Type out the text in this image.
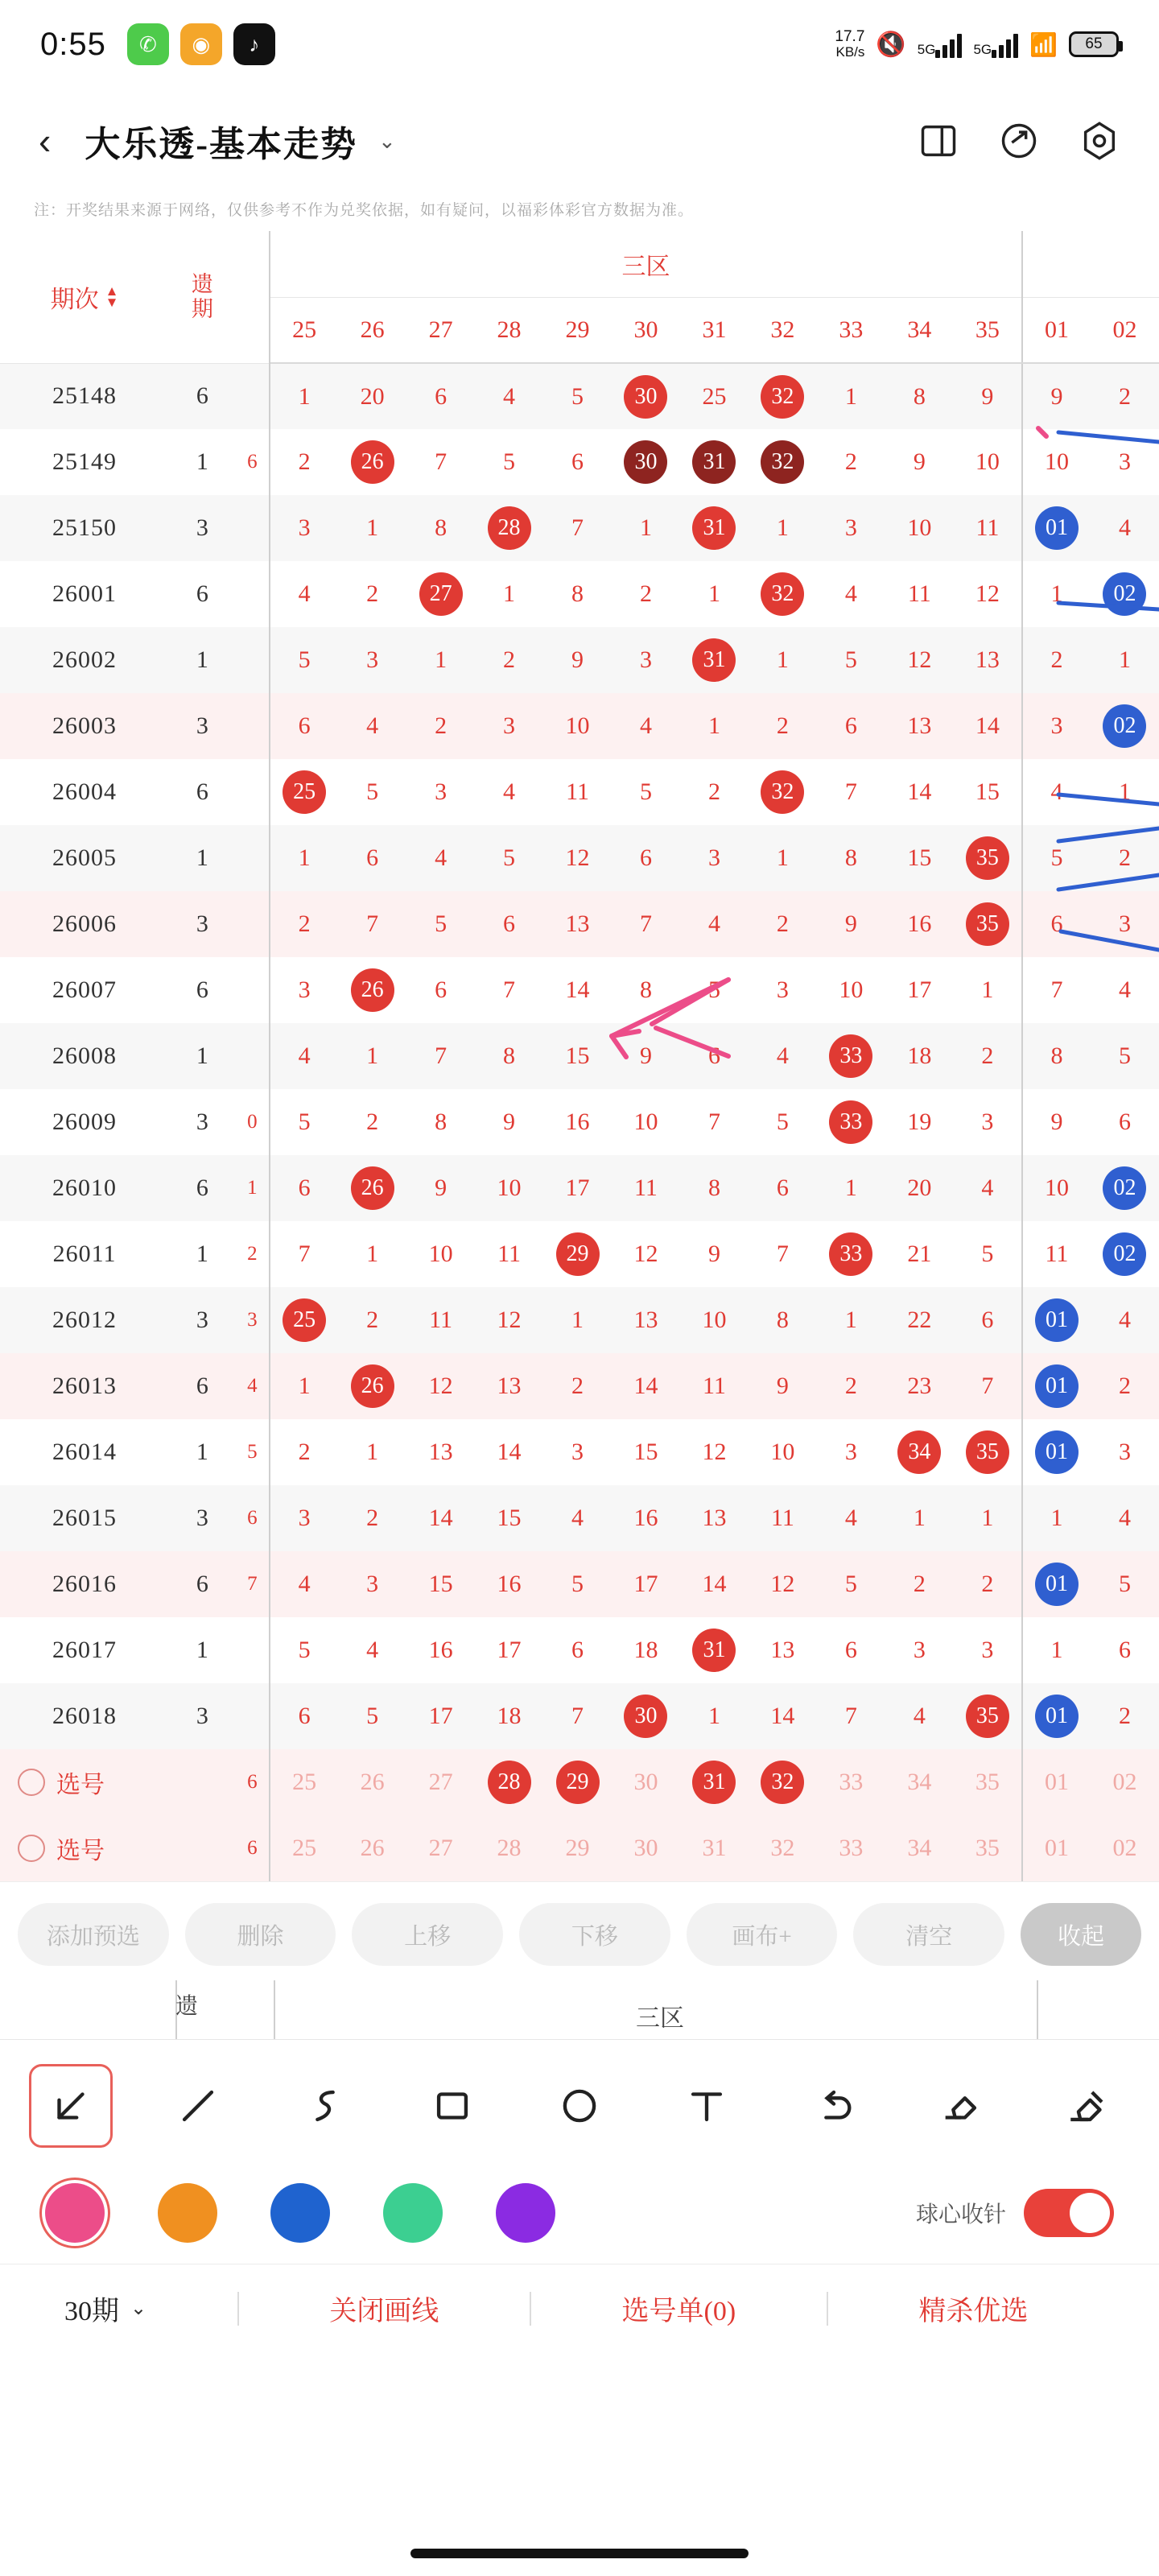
0:55	✆	◉	♪	17.7
KB/s 🔇 5G	5G 📶 65
‹ 大乐透-基本走势 ⌄
注：开奖结果来源于网络，仅供参考不作为兑奖依据，如有疑问，以福彩体彩官方数据为准。
期次 ▲
▼	遗
期		三区												
			25	26	27	28	29	30	31	32	33	34	35	01	02
25148	6		1	20	6	4	5	30	25	32	1	8	9	9	2
25149	1	6	2	26	7	5	6	30	31	32	2	9	10	10	3
25150	3		3	1	8	28	7	1	31	1	3	10	11	01	4
26001	6		4	2	27	1	8	2	1	32	4	11	12	1	02
26002	1		5	3	1	2	9	3	31	1	5	12	13	2	1
26003	3		6	4	2	3	10	4	1	2	6	13	14	3	02
26004	6		25	5	3	4	11	5	2	32	7	14	15	4	1
26005	1		1	6	4	5	12	6	3	1	8	15	35	5	2
26006	3		2	7	5	6	13	7	4	2	9	16	35	6	3
26007	6		3	26	6	7	14	8	5	3	10	17	1	7	4
26008	1		4	1	7	8	15	9	6	4	33	18	2	8	5
26009	3	0	5	2	8	9	16	10	7	5	33	19	3	9	6
26010	6	1	6	26	9	10	17	11	8	6	1	20	4	10	02
26011	1	2	7	1	10	11	29	12	9	7	33	21	5	11	02
26012	3	3	25	2	11	12	1	13	10	8	1	22	6	01	4
26013	6	4	1	26	12	13	2	14	11	9	2	23	7	01	2
26014	1	5	2	1	13	14	3	15	12	10	3	34	35	01	3
26015	3	6	3	2	14	15	4	16	13	11	4	1	1	1	4
26016	6	7	4	3	15	16	5	17	14	12	5	2	2	01	5
26017	1		5	4	16	17	6	18	31	13	6	3	3	1	6
26018	3		6	5	17	18	7	30	1	14	7	4	35	01	2

选号		6	25	26	27	28	29	30	31	32	33	34	35	01	02

选号		6	25	26	27	28	29	30	31	32	33	34	35	01	02
添加预选	删除	上移	下移	画布+	清空	收起
遗	三区
球心收针
30期 ⌄	关闭画线	选号单(0)	精杀优选
